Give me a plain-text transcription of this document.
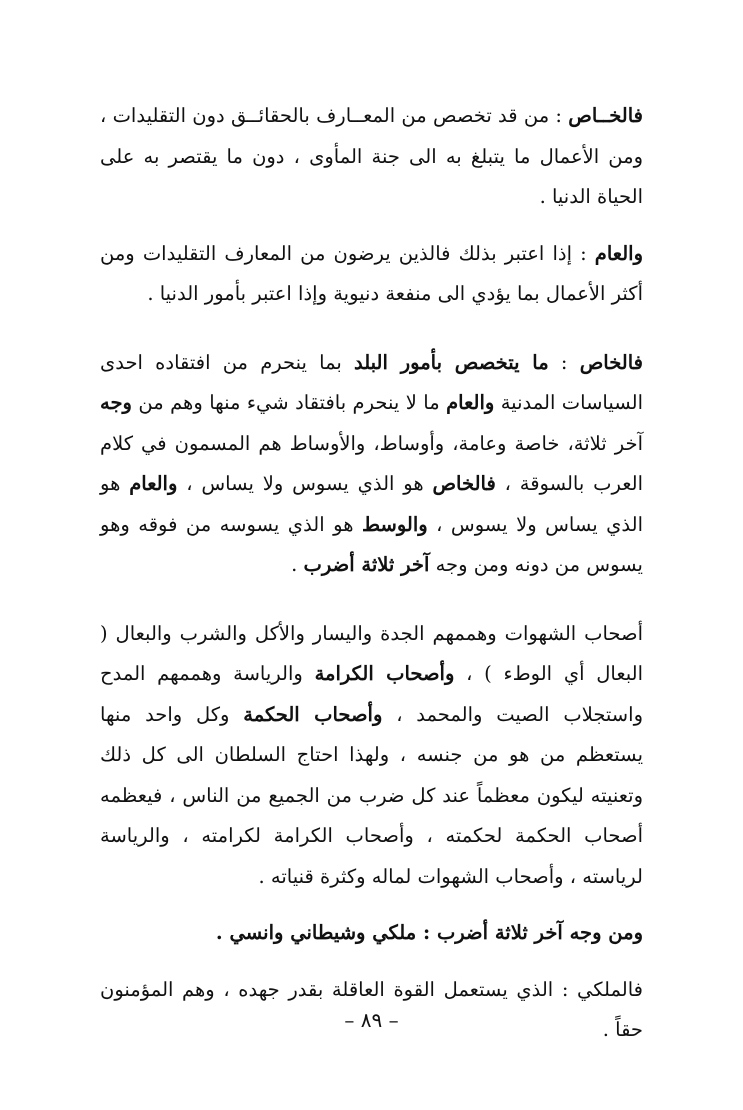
فالخــاص : من قد تخصص من المعــارف بالحقائــق دون التقليدات ، ومن الأعمال ما يتبلغ به الى جنة المأوى ، دون ما يقتصر به على الحياة الدنيا .

والعام : إذا اعتبر بذلك فالذين يرضون من المعارف التقليدات ومن أكثر الأعمال بما يؤدي الى منفعة دنيوية وإذا اعتبر بأمور الدنيا .

فالخاص : ما يتخصص بأمور البلد بما ينحرم من افتقاده احدى السياسات المدنية والعام ما لا ينحرم بافتقاد شيء منها وهم من وجه آخر ثلاثة، خاصة وعامة، وأوساط، والأوساط هم المسمون في كلام العرب بالسوقة ، فالخاص هو الذي يسوس ولا يساس ، والعام هو الذي يساس ولا يسوس ، والوسط هو الذي يسوسه من فوقه وهو يسوس من دونه ومن وجه آخر ثلاثة أضرب .

أصحاب الشهوات وهممهم الجدة واليسار والأكل والشرب والبعال ( البعال أي الوطء ) ، وأصحاب الكرامة والرياسة وهممهم المدح واستجلاب الصيت والمحمد ، وأصحاب الحكمة وكل واحد منها يستعظم من هو من جنسه ، ولهذا احتاج السلطان الى كل ذلك وتعنيته ليكون معظماً عند كل ضرب من الجميع من الناس ، فيعظمه أصحاب الحكمة لحكمته ، وأصحاب الكرامة لكرامته ، والرياسة لرياسته ، وأصحاب الشهوات لماله وكثرة قنياته .

ومن وجه آخر ثلاثة أضرب : ملكي وشيطاني وانسي .

فالملكي : الذي يستعمل القوة العاقلة بقدر جهده ، وهم المؤمنون حقاً .

– ٨٩ –
